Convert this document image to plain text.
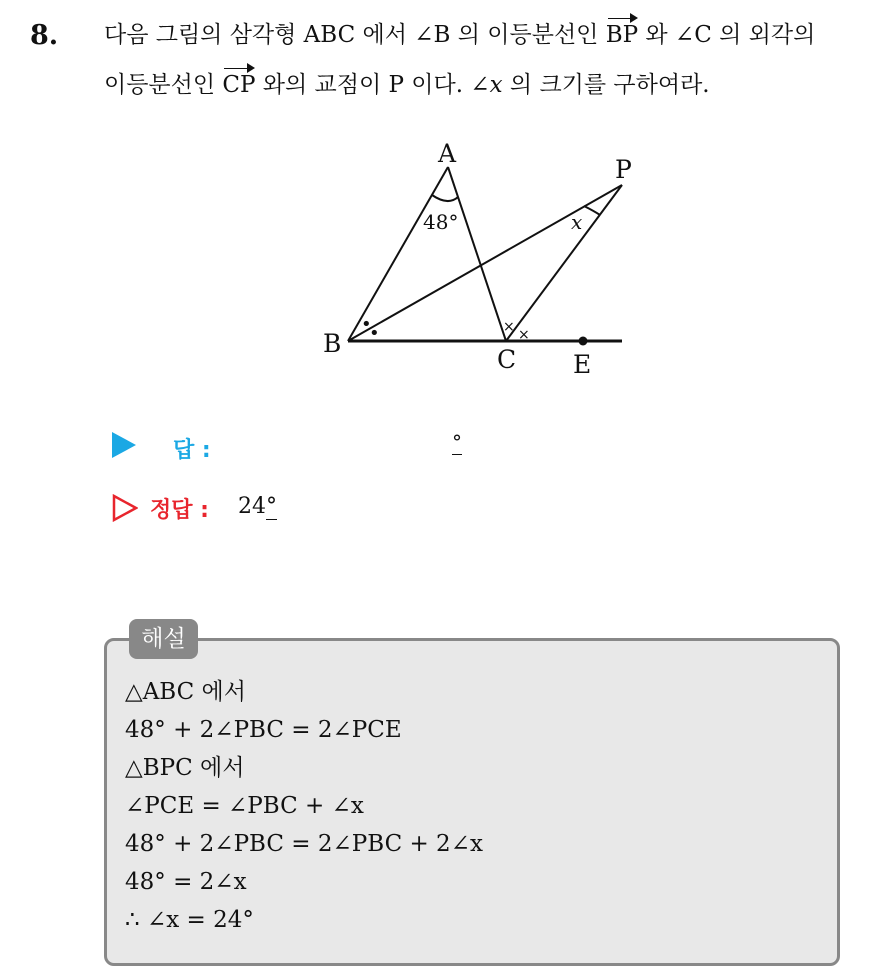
8. 다음 그림의 삼각형 ABC 에서 ∠B 의 이등분선인 BP 와 ∠C 의 외각의
이등분선인 CP 와의 교점이 P 이다. ∠x 의 크기를 구하여라.
A
P
B
C E
48°	x
•
•	× ×
답 :	°
정답 : 24°
해설
△ABC 에서
48° + 2∠PBC = 2∠PCE
△BPC 에서
∠PCE = ∠PBC + ∠x
48° + 2∠PBC = 2∠PBC + 2∠x
48° = 2∠x
∴ ∠x = 24°
